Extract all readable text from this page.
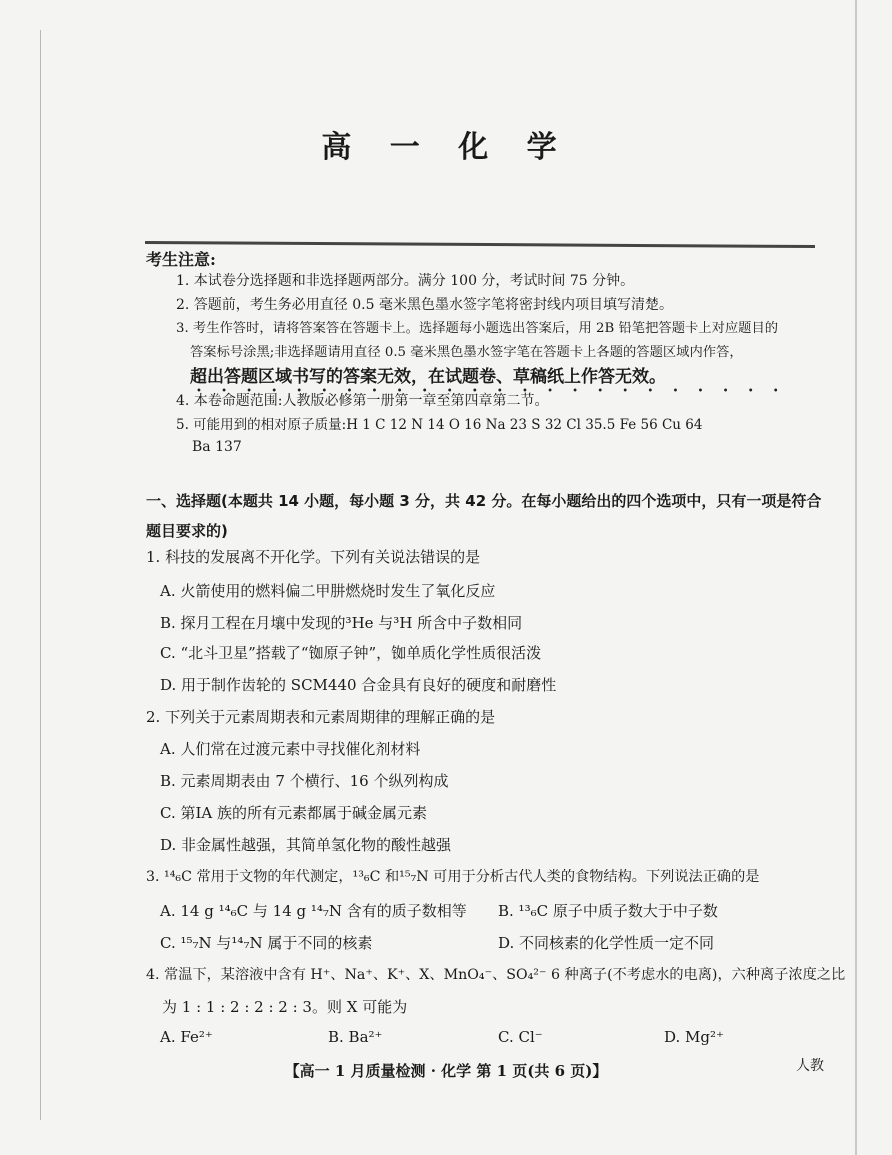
高 一 化 学
考生注意:
1. 本试卷分选择题和非选择题两部分。满分 100 分，考试时间 75 分钟。
2. 答题前，考生务必用直径 0.5 毫米黑色墨水签字笔将密封线内项目填写清楚。
3. 考生作答时，请将答案答在答题卡上。选择题每小题选出答案后，用 2B 铅笔把答题卡上对应题目的
答案标号涂黑;非选择题请用直径 0.5 毫米黑色墨水签字笔在答题卡上各题的答题区域内作答，
超出答题区域书写的答案无效，在试题卷、草稿纸上作答无效。
• • • • • • • • • • • • • • • • • • • • • • • •
4. 本卷命题范围:人教版必修第一册第一章至第四章第二节。
5. 可能用到的相对原子质量:H 1 C 12 N 14 O 16 Na 23 S 32 Cl 35.5 Fe 56 Cu 64
Ba 137
一、选择题(本题共 14 小题，每小题 3 分，共 42 分。在每小题给出的四个选项中，只有一项是符合题目要求的)
1. 科技的发展离不开化学。下列有关说法错误的是
A. 火箭使用的燃料偏二甲肼燃烧时发生了氧化反应
B. 探月工程在月壤中发现的³He 与³H 所含中子数相同
C. “北斗卫星”搭载了“铷原子钟”，铷单质化学性质很活泼
D. 用于制作齿轮的 SCM440 合金具有良好的硬度和耐磨性
2. 下列关于元素周期表和元素周期律的理解正确的是
A. 人们常在过渡元素中寻找催化剂材料
B. 元素周期表由 7 个横行、16 个纵列构成
C. 第ⅠA 族的所有元素都属于碱金属元素
D. 非金属性越强，其简单氢化物的酸性越强
3. ¹⁴₆C 常用于文物的年代测定，¹³₆C 和¹⁵₇N 可用于分析古代人类的食物结构。下列说法正确的是
A. 14 g ¹⁴₆C 与 14 g ¹⁴₇N 含有的质子数相等 B. ¹³₆C 原子中质子数大于中子数
C. ¹⁵₇N 与¹⁴₇N 属于不同的核素	D. 不同核素的化学性质一定不同
4. 常温下，某溶液中含有 H⁺、Na⁺、K⁺、X、MnO₄⁻、SO₄²⁻ 6 种离子(不考虑水的电离)，六种离子浓度之比
为 1 : 1 : 2 : 2 : 2 : 3。则 X 可能为
A. Fe²⁺	B. Ba²⁺	C. Cl⁻	D. Mg²⁺
【高一 1 月质量检测 · 化学 第 1 页(共 6 页)】	人教
